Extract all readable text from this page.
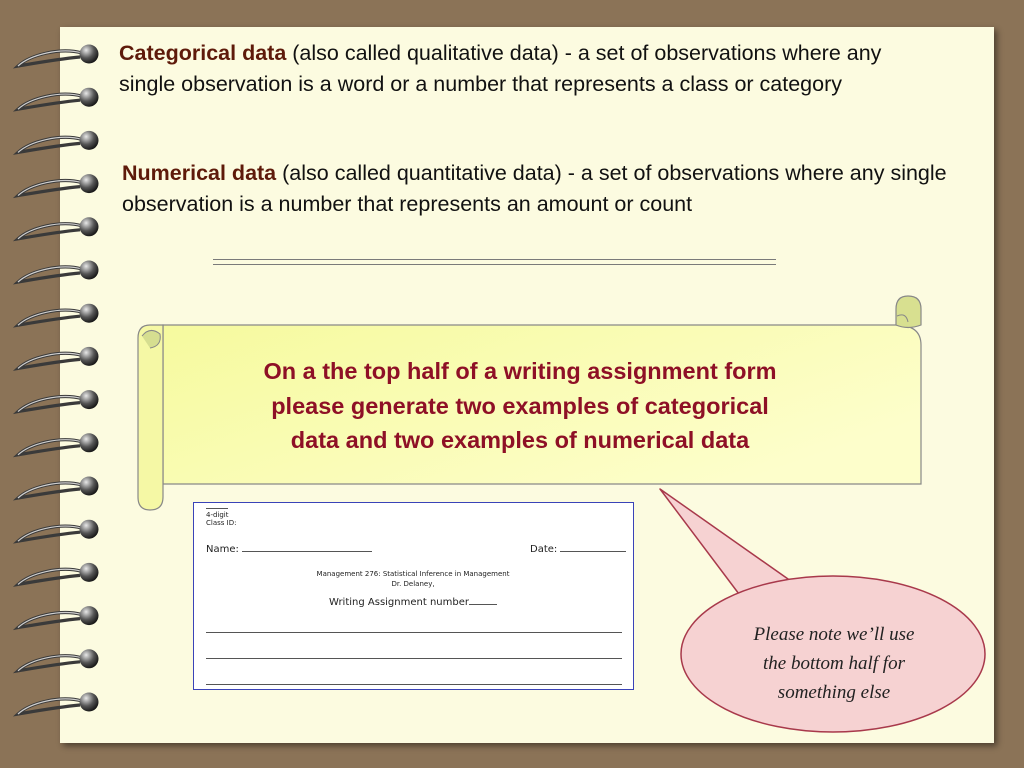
Categorical data (also called qualitative data) - a set of observations where any single observation is a word or a number that represents a class or category

Numerical data (also called quantitative data) - a set of observations where any single observation is a number that represents an amount or count

On a the top half of a writing assignment form
please generate two examples of categorical
data and two examples of numerical data

4-digit
Class ID:
Name:	Date:
Management 276: Statistical Inference in Management
Dr. Delaney,
Writing Assignment number

Please note we’ll use
the bottom half for
something else
